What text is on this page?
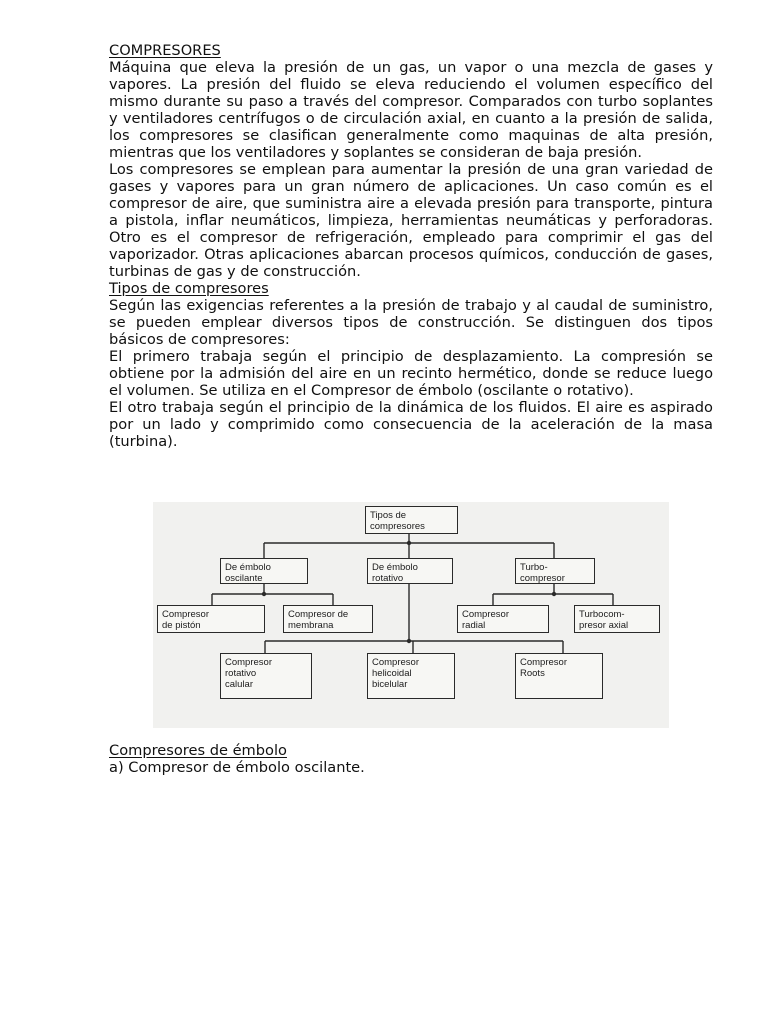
COMPRESORES

Máquina que eleva la presión de un gas, un vapor o una mezcla de gases y vapores. La presión del fluido se eleva reduciendo el volumen específico del mismo durante su paso a través del compresor. Comparados con turbo soplantes y ventiladores centrífugos o de circulación axial, en cuanto a la presión de salida, los compresores se clasifican generalmente como maquinas de alta presión, mientras que los ventiladores y soplantes se consideran de baja presión.

Los compresores se emplean para aumentar la presión de una gran variedad de gases y vapores para un gran número de aplicaciones. Un caso común es el compresor de aire, que suministra aire a elevada presión para transporte, pintura a pistola, inflar neumáticos, limpieza, herramientas neumáticas y perforadoras. Otro es el compresor de refrigeración, empleado para comprimir el gas del vaporizador. Otras aplicaciones abarcan procesos químicos, conducción de gases, turbinas de gas y de construcción.

Tipos de compresores

Según las exigencias referentes a la presión de trabajo y al caudal de suministro, se pueden emplear diversos tipos de construcción. Se distinguen dos tipos básicos de compresores:

El primero trabaja según el principio de desplazamiento. La compresión se obtiene por la admisión del aire en un recinto hermético, donde se reduce luego el volumen. Se utiliza en el Compresor de émbolo (oscilante o rotativo).

El otro trabaja según el principio de la dinámica de los fluidos. El aire es aspirado por un lado y comprimido como consecuencia de la aceleración de la masa (turbina).

Tipos de
compresores
De émbolo
oscilante
De émbolo
rotativo
Turbo-
compresor
Compresor
de pistón
Compresor de
membrana
Compresor
radial
Turbocom-
presor axial
Compresor
rotativo
calular
Compresor
helicoidal
bicelular
Compresor
Roots
Compresores de émbolo
a) Compresor de émbolo oscilante.
